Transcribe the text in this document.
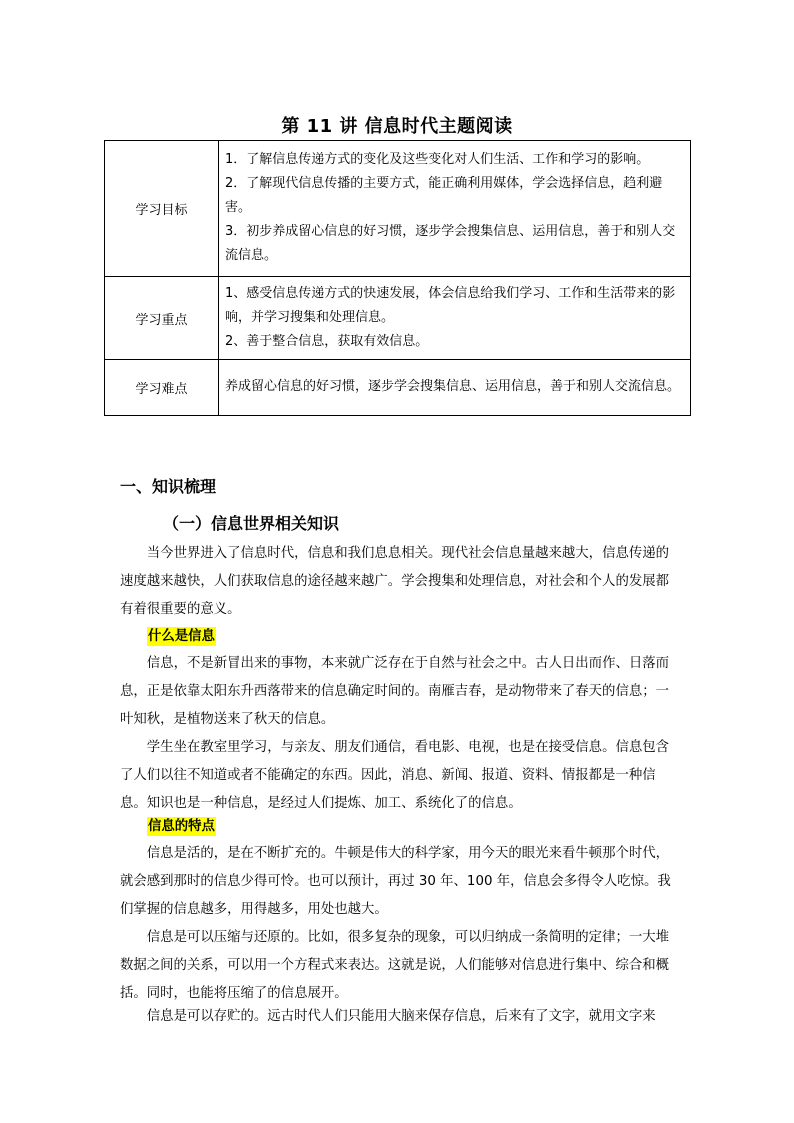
第 11 讲 信息时代主题阅读
学习目标	1．了解信息传递方式的变化及这些变化对人们生活、工作和学习的影响。

2．了解现代信息传播的主要方式，能正确利用媒体，学会选择信息，趋利避害。

3．初步养成留心信息的好习惯，逐步学会搜集信息、运用信息，善于和别人交流信息。

学习重点	1、感受信息传递方式的快速发展，体会信息给我们学习、工作和生活带来的影响，并学习搜集和处理信息。

2、善于整合信息，获取有效信息。

学习难点	养成留心信息的好习惯，逐步学会搜集信息、运用信息，善于和别人交流信息。

一、知识梳理
（一）信息世界相关知识

当今世界进入了信息时代，信息和我们息息相关。现代社会信息量越来越大，信息传递的速度越来越快，人们获取信息的途径越来越广。学会搜集和处理信息，对社会和个人的发展都有着很重要的意义。

什么是信息

信息，不是新冒出来的事物，本来就广泛存在于自然与社会之中。古人日出而作、日落而息，正是依靠太阳东升西落带来的信息确定时间的。南雁吉春，是动物带来了春天的信息；一叶知秋，是植物送来了秋天的信息。

学生坐在教室里学习，与亲友、朋友们通信，看电影、电视，也是在接受信息。信息包含了人们以往不知道或者不能确定的东西。因此，消息、新闻、报道、资料、情报都是一种信息。知识也是一种信息，是经过人们提炼、加工、系统化了的信息。

信息的特点

信息是活的，是在不断扩充的。牛顿是伟大的科学家，用今天的眼光来看牛顿那个时代，就会感到那时的信息少得可怜。也可以预计，再过 30 年、100 年，信息会多得令人吃惊。我们掌握的信息越多，用得越多，用处也越大。

信息是可以压缩与还原的。比如，很多复杂的现象，可以归纳成一条简明的定律；一大堆数据之间的关系，可以用一个方程式来表达。这就是说，人们能够对信息进行集中、综合和概括。同时，也能将压缩了的信息展开。

信息是可以存贮的。远古时代人们只能用大脑来保存信息，后来有了文字，就用文字来
